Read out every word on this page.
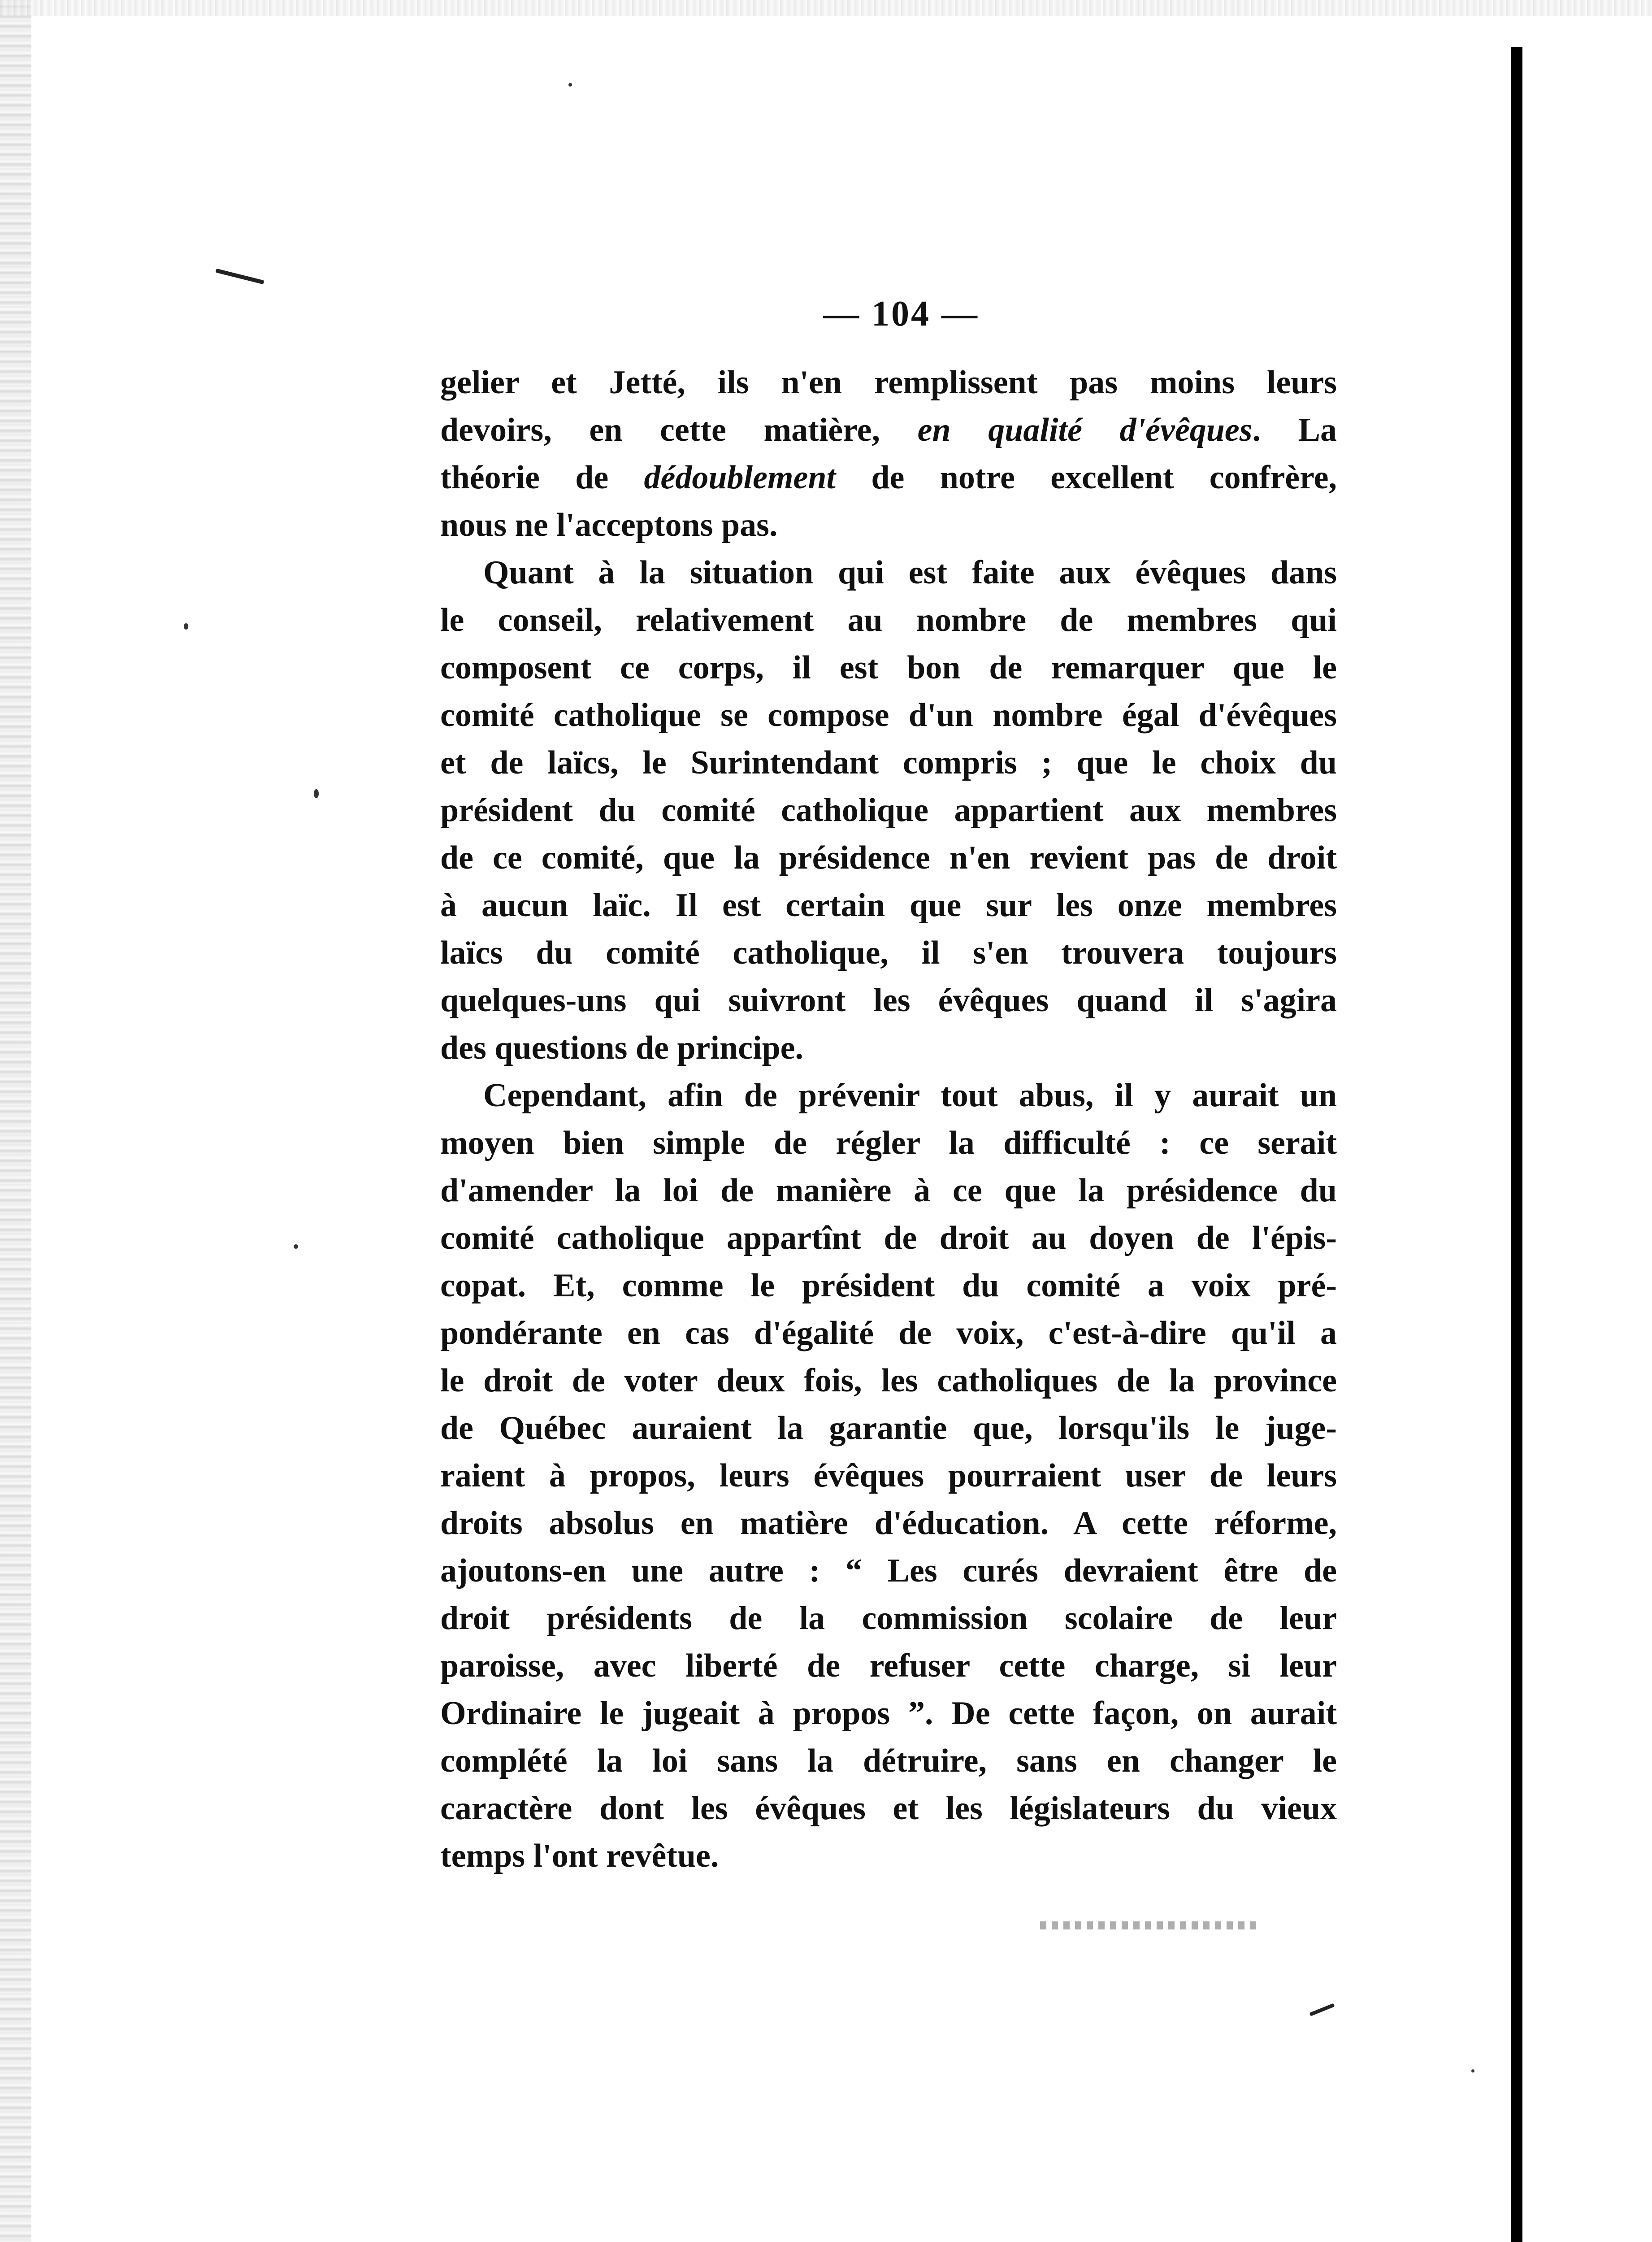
— 104 —

gelier et Jetté, ils n'en remplissent pas moins leurs
devoirs, en cette matière, en qualité d'évêques. La
théorie de dédoublement de notre excellent confrère,
nous ne l'acceptons pas.

Quant à la situation qui est faite aux évêques dans
le conseil, relativement au nombre de membres qui
composent ce corps, il est bon de remarquer que le
comité catholique se compose d'un nombre égal d'évêques
et de laïcs, le Surintendant compris ; que le choix du
président du comité catholique appartient aux membres
de ce comité, que la présidence n'en revient pas de droit
à aucun laïc. Il est certain que sur les onze membres
laïcs du comité catholique, il s'en trouvera toujours
quelques-uns qui suivront les évêques quand il s'agira
des questions de principe.

Cependant, afin de prévenir tout abus, il y aurait un
moyen bien simple de régler la difficulté : ce serait
d'amender la loi de manière à ce que la présidence du
comité catholique appartînt de droit au doyen de l'épis-
copat. Et, comme le président du comité a voix pré-
pondérante en cas d'égalité de voix, c'est-à-dire qu'il a
le droit de voter deux fois, les catholiques de la province
de Québec auraient la garantie que, lorsqu'ils le juge-
raient à propos, leurs évêques pourraient user de leurs
droits absolus en matière d'éducation. A cette réforme,
ajoutons-en une autre : “ Les curés devraient être de
droit présidents de la commission scolaire de leur
paroisse, avec liberté de refuser cette charge, si leur
Ordinaire le jugeait à propos ”. De cette façon, on aurait
complété la loi sans la détruire, sans en changer le
caractère dont les évêques et les législateurs du vieux
temps l'ont revêtue.
